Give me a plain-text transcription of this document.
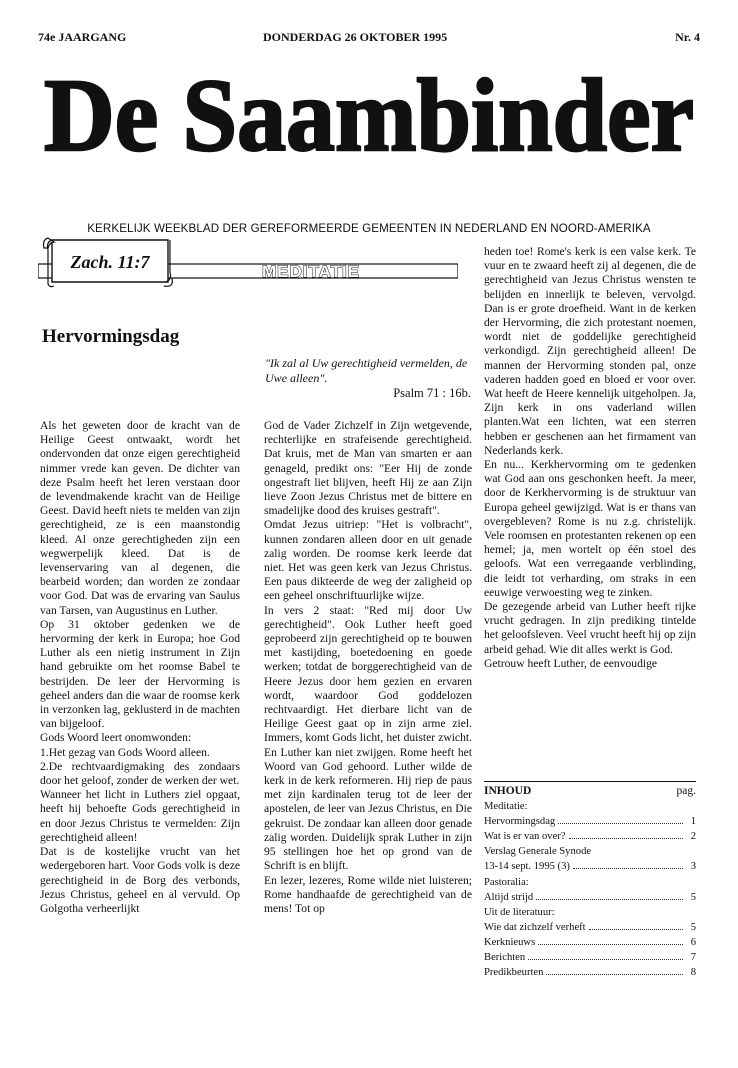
74e JAARGANG	DONDERDAG 26 OKTOBER 1995	Nr. 4
De Saambinder
KERKELIJK WEEKBLAD DER GEREFORMEERDE GEMEENTEN IN NEDERLAND EN NOORD-AMERIKA
Zach. 11:7	MEDITATIE
Hervormingsdag
"Ik zal al Uw gerechtigheid vermelden, de Uwe alleen".
Psalm 71 : 16b.

Als het geweten door de kracht van de Heilige Geest ontwaakt, wordt het ondervonden dat onze eigen gerechtigheid nimmer vrede kan geven. De dichter van deze Psalm heeft het leren verstaan door de levendmakende kracht van de Heilige Geest. David heeft niets te melden van zijn gerechtigheid, ze is een maanstondig kleed. Al onze gerechtigheden zijn een wegwerpelijk kleed. Dat is de levenservaring van al degenen, die bearbeid worden; dan worden ze zondaar voor God. Dat was de ervaring van Saulus van Tarsen, van Augustinus en Luther.

Op 31 oktober gedenken we de hervorming der kerk in Europa; hoe God Luther als een nietig instrument in Zijn hand gebruikte om het roomse Babel te bestrijden. De leer der Hervorming is geheel anders dan die waar de roomse kerk in verzonken lag, geklusterd in de machten van bijgeloof.

Gods Woord leert onomwonden:

1.Het gezag van Gods Woord alleen.

2.De rechtvaardigmaking des zondaars door het geloof, zonder de werken der wet.

Wanneer het licht in Luthers ziel opgaat, heeft hij behoefte Gods gerechtigheid in en door Jezus Christus te vermelden: Zijn gerechtigheid alleen!

Dat is de kostelijke vrucht van het wedergeboren hart. Voor Gods volk is deze gerechtigheid in de Borg des verbonds, Jezus Christus, geheel en al vervuld. Op Golgotha verheerlijkt

God de Vader Zichzelf in Zijn wetgevende, rechterlijke en strafeisende gerechtigheid. Dat kruis, met de Man van smarten er aan genageld, predikt ons: "Eer Hij de zonde ongestraft liet blijven, heeft Hij ze aan Zijn lieve Zoon Jezus Christus met de bittere en smadelijke dood des kruises gestraft".

Omdat Jezus uitriep: "Het is volbracht", kunnen zondaren alleen door en uit genade zalig worden. De roomse kerk leerde dat niet. Het was geen kerk van Jezus Christus. Een paus dikteerde de weg der zaligheid op een geheel onschriftuurlijke wijze.

In vers 2 staat: "Red mij door Uw gerechtigheid". Ook Luther heeft goed geprobeerd zijn gerechtigheid op te bouwen met kastijding, boetedoening en goede werken; totdat de borggerechtigheid van de Heere Jezus door hem gezien en ervaren wordt, waardoor God goddelozen rechtvaardigt. Het dierbare licht van de Heilige Geest gaat op in zijn arme ziel. Immers, komt Gods licht, het duister zwicht. En Luther kan niet zwijgen. Rome heeft het Woord van God gehoord. Luther wilde de kerk in de kerk reformeren. Hij riep de paus met zijn kardinalen terug tot de leer der apostelen, de leer van Jezus Christus, en Die gekruist. De zondaar kan alleen door genade zalig worden. Duidelijk sprak Luther in zijn 95 stellingen hoe het op grond van de Schrift is en blijft.

En lezer, lezeres, Rome wilde niet luisteren; Rome handhaafde de gerechtigheid van de mens! Tot op

heden toe! Rome's kerk is een valse kerk. Te vuur en te zwaard heeft zij al degenen, die de gerechtigheid van Jezus Christus wensten te belijden en innerlijk te beleven, vervolgd. Dan is er grote droefheid. Want in de kerken der Hervorming, die zich protestant noemen, wordt niet de goddelijke gerechtigheid verkondigd. Zijn gerechtigheid alleen! De mannen der Hervorming stonden pal, onze vaderen hadden goed en bloed er voor over. Wat heeft de Heere kennelijk uitgeholpen. Ja, Zijn kerk in ons vaderland willen planten.Wat een lichten, wat een sterren hebben er geschenen aan het firmament van Nederlands kerk.

En nu... Kerkhervorming om te gedenken wat God aan ons geschonken heeft. Ja meer, door de Kerkhervorming is de struktuur van Europa geheel gewijzigd. Wat is er thans van overgebleven? Rome is nu z.g. christelijk. Vele roomsen en protestanten rekenen op een hemel; ja, men wortelt op één stoel des geloofs. Wat een verregaande verblinding, die leidt tot verharding, om straks in een eeuwige verwoesting weg te zinken.

De gezegende arbeid van Luther heeft rijke vrucht gedragen. In zijn prediking tintelde het geloofsleven. Veel vrucht heeft hij op zijn arbeid gehad. Wie dit alles werkt is God.

Getrouw heeft Luther, de eenvoudige

INHOUD	pag.
Meditatie:
Hervormingsdag	1
Wat is er van over?	2
Verslag Generale Synode
13-14 sept. 1995 (3)	3
Pastoralia:
Altijd strijd	5
Uit de literatuur:
Wie dat zichzelf verheft	5
Kerknieuws	6
Berichten	7
Predikbeurten	8
